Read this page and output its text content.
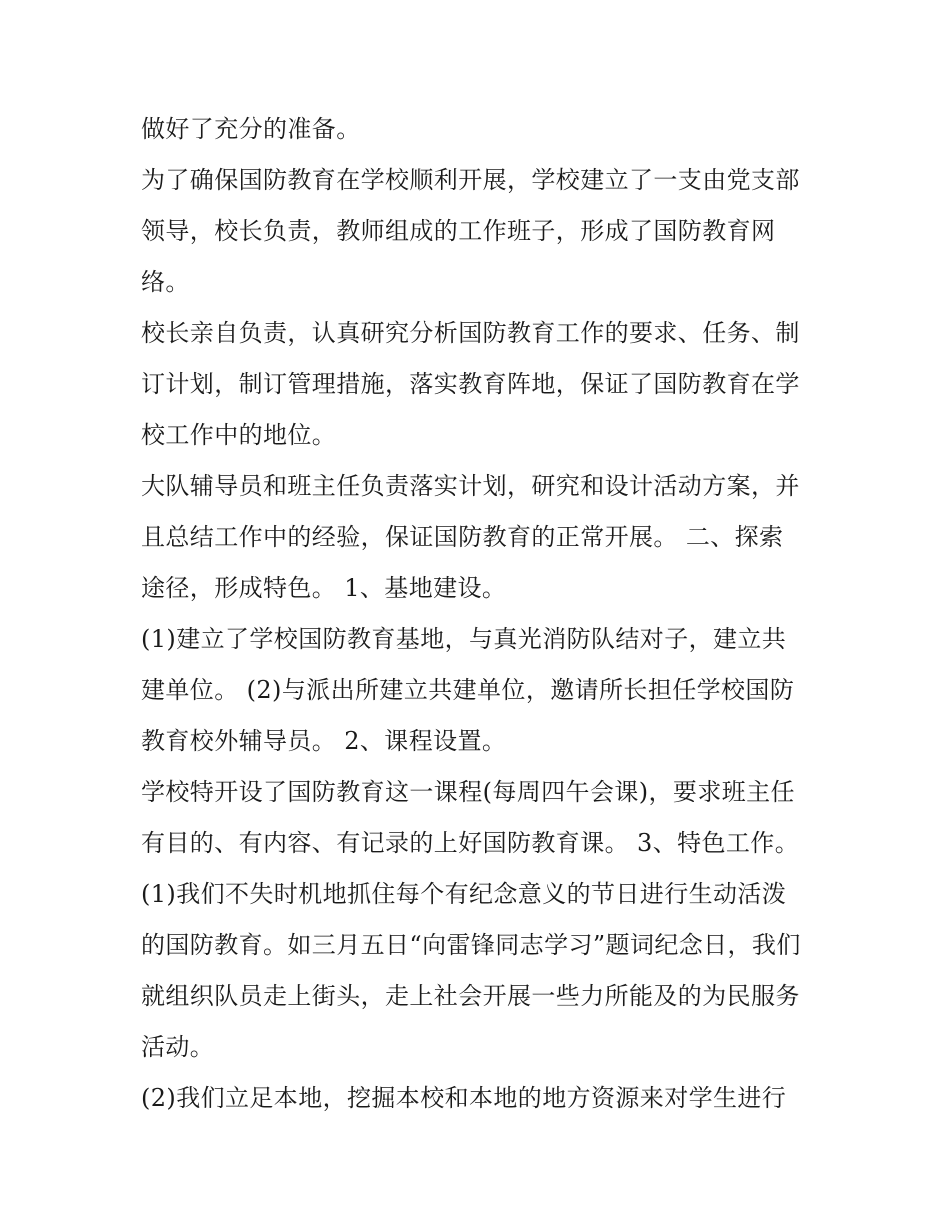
做好了充分的准备。
为了确保国防教育在学校顺利开展，学校建立了一支由党支部
领导，校长负责，教师组成的工作班子，形成了国防教育网
络。
校长亲自负责，认真研究分析国防教育工作的要求、任务、制
订计划，制订管理措施，落实教育阵地，保证了国防教育在学
校工作中的地位。
大队辅导员和班主任负责落实计划，研究和设计活动方案，并
且总结工作中的经验，保证国防教育的正常开展。 二、探索
途径，形成特色。 1、基地建设。
(1)建立了学校国防教育基地，与真光消防队结对子，建立共
建单位。 (2)与派出所建立共建单位，邀请所长担任学校国防
教育校外辅导员。 2、课程设置。
学校特开设了国防教育这一课程(每周四午会课)，要求班主任
有目的、有内容、有记录的上好国防教育课。 3、特色工作。
(1)我们不失时机地抓住每个有纪念意义的节日进行生动活泼
的国防教育。如三月五日“向雷锋同志学习”题词纪念日，我们
就组织队员走上街头，走上社会开展一些力所能及的为民服务
活动。
(2)我们立足本地，挖掘本校和本地的地方资源来对学生进行
